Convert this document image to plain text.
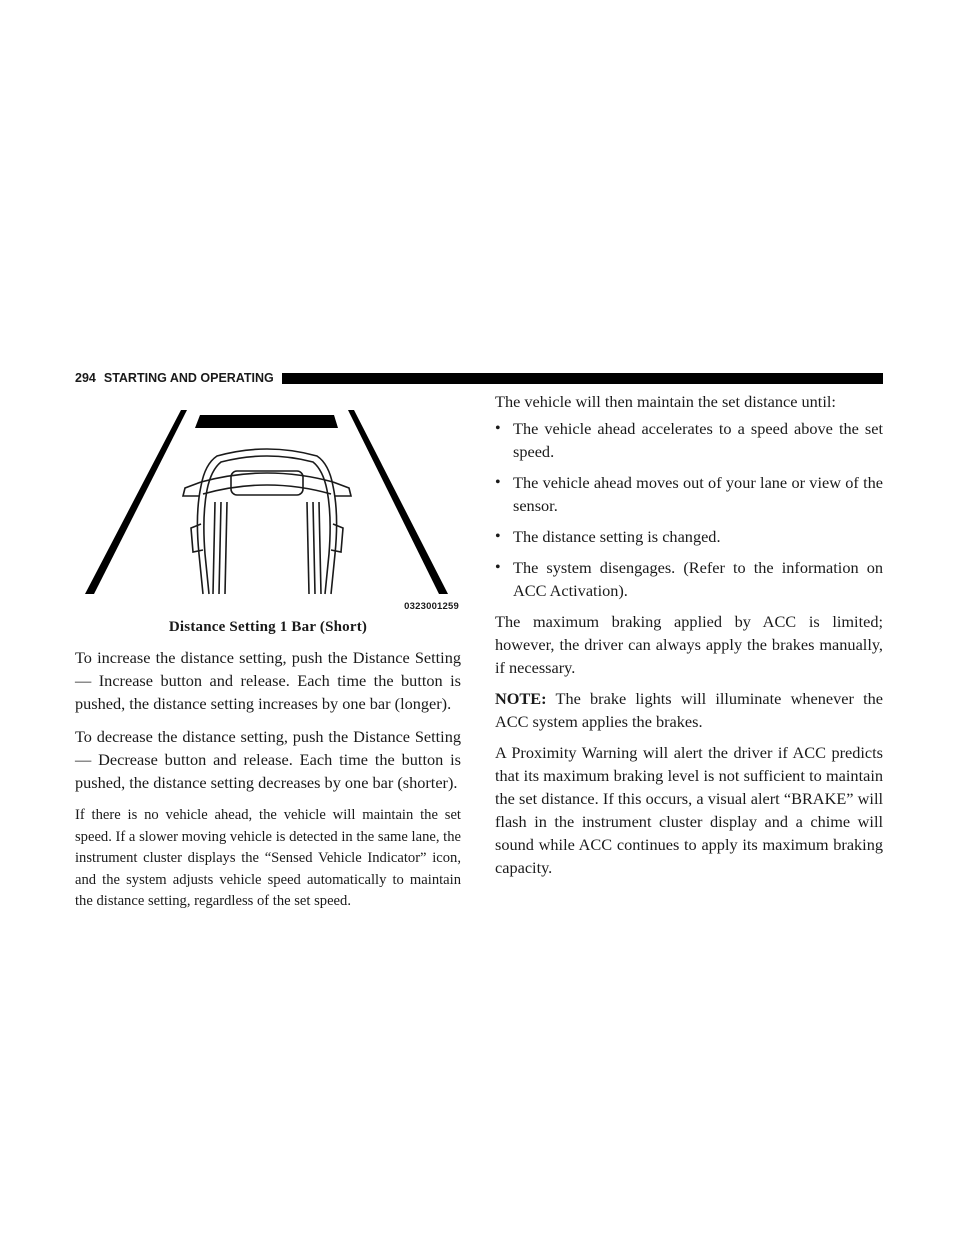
294 STARTING AND OPERATING
0323001259
Distance Setting 1 Bar (Short)

To increase the distance setting, push the Distance Setting — Increase button and release. Each time the button is pushed, the distance setting increases by one bar (longer).

To decrease the distance setting, push the Distance Setting — Decrease button and release. Each time the button is pushed, the distance setting decreases by one bar (shorter).

If there is no vehicle ahead, the vehicle will maintain the set speed. If a slower moving vehicle is detected in the same lane, the instrument cluster displays the “Sensed Vehicle Indicator” icon, and the system adjusts vehicle speed automatically to maintain the distance setting, regardless of the set speed.

The vehicle will then maintain the set distance until:

• The vehicle ahead accelerates to a speed above the set speed.
• The vehicle ahead moves out of your lane or view of the sensor.
• The distance setting is changed.
• The system disengages. (Refer to the information on ACC Activation).

The maximum braking applied by ACC is limited; however, the driver can always apply the brakes manually, if necessary.

NOTE: The brake lights will illuminate whenever the ACC system applies the brakes.

A Proximity Warning will alert the driver if ACC predicts that its maximum braking level is not sufficient to maintain the set distance. If this occurs, a visual alert “BRAKE” will flash in the instrument cluster display and a chime will sound while ACC continues to apply its maximum braking capacity.
